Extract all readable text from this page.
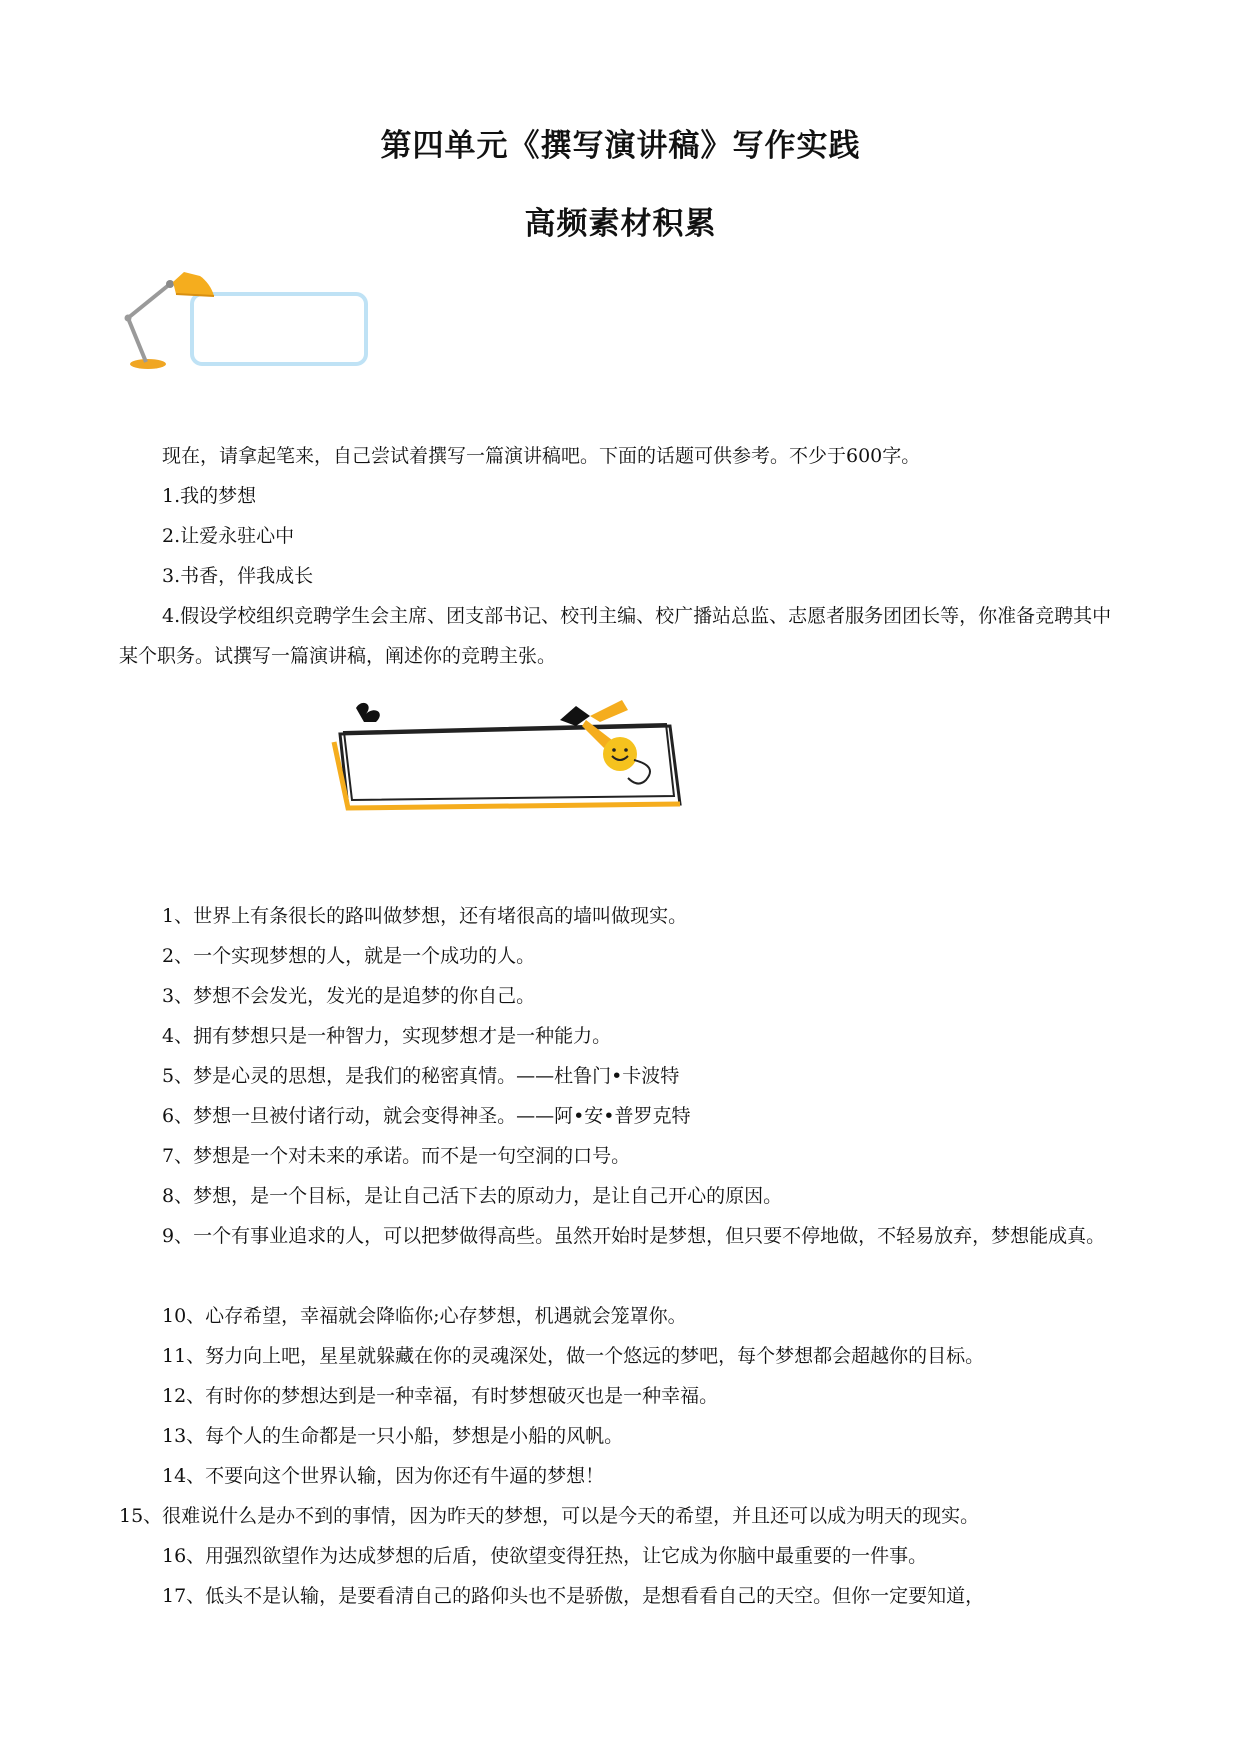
第四单元《撰写演讲稿》写作实践
高频素材积累
现在，请拿起笔来，自己尝试着撰写一篇演讲稿吧。下面的话题可供参考。不少于600字。
1.我的梦想
2.让爱永驻心中
3.书香，伴我成长
4.假设学校组织竞聘学生会主席、团支部书记、校刊主编、校广播站总监、志愿者服务团团长等，你准备竞聘其中某个职务。试撰写一篇演讲稿，阐述你的竞聘主张。
1、世界上有条很长的路叫做梦想，还有堵很高的墙叫做现实。
2、一个实现梦想的人，就是一个成功的人。
3、梦想不会发光，发光的是追梦的你自己。
4、拥有梦想只是一种智力，实现梦想才是一种能力。
5、梦是心灵的思想，是我们的秘密真情。——杜鲁门•卡波特
6、梦想一旦被付诸行动，就会变得神圣。——阿•安•普罗克特
7、梦想是一个对未来的承诺。而不是一句空洞的口号。
8、梦想，是一个目标，是让自己活下去的原动力，是让自己开心的原因。
9、一个有事业追求的人，可以把梦做得高些。虽然开始时是梦想，但只要不停地做，不轻易放弃，梦想能成真。
10、心存希望，幸福就会降临你;心存梦想，机遇就会笼罩你。
11、努力向上吧，星星就躲藏在你的灵魂深处，做一个悠远的梦吧，每个梦想都会超越你的目标。
12、有时你的梦想达到是一种幸福，有时梦想破灭也是一种幸福。
13、每个人的生命都是一只小船，梦想是小船的风帆。
14、不要向这个世界认输，因为你还有牛逼的梦想！
15、很难说什么是办不到的事情，因为昨天的梦想，可以是今天的希望，并且还可以成为明天的现实。
16、用强烈欲望作为达成梦想的后盾，使欲望变得狂热，让它成为你脑中最重要的一件事。
17、低头不是认输，是要看清自己的路仰头也不是骄傲，是想看看自己的天空。但你一定要知道，
